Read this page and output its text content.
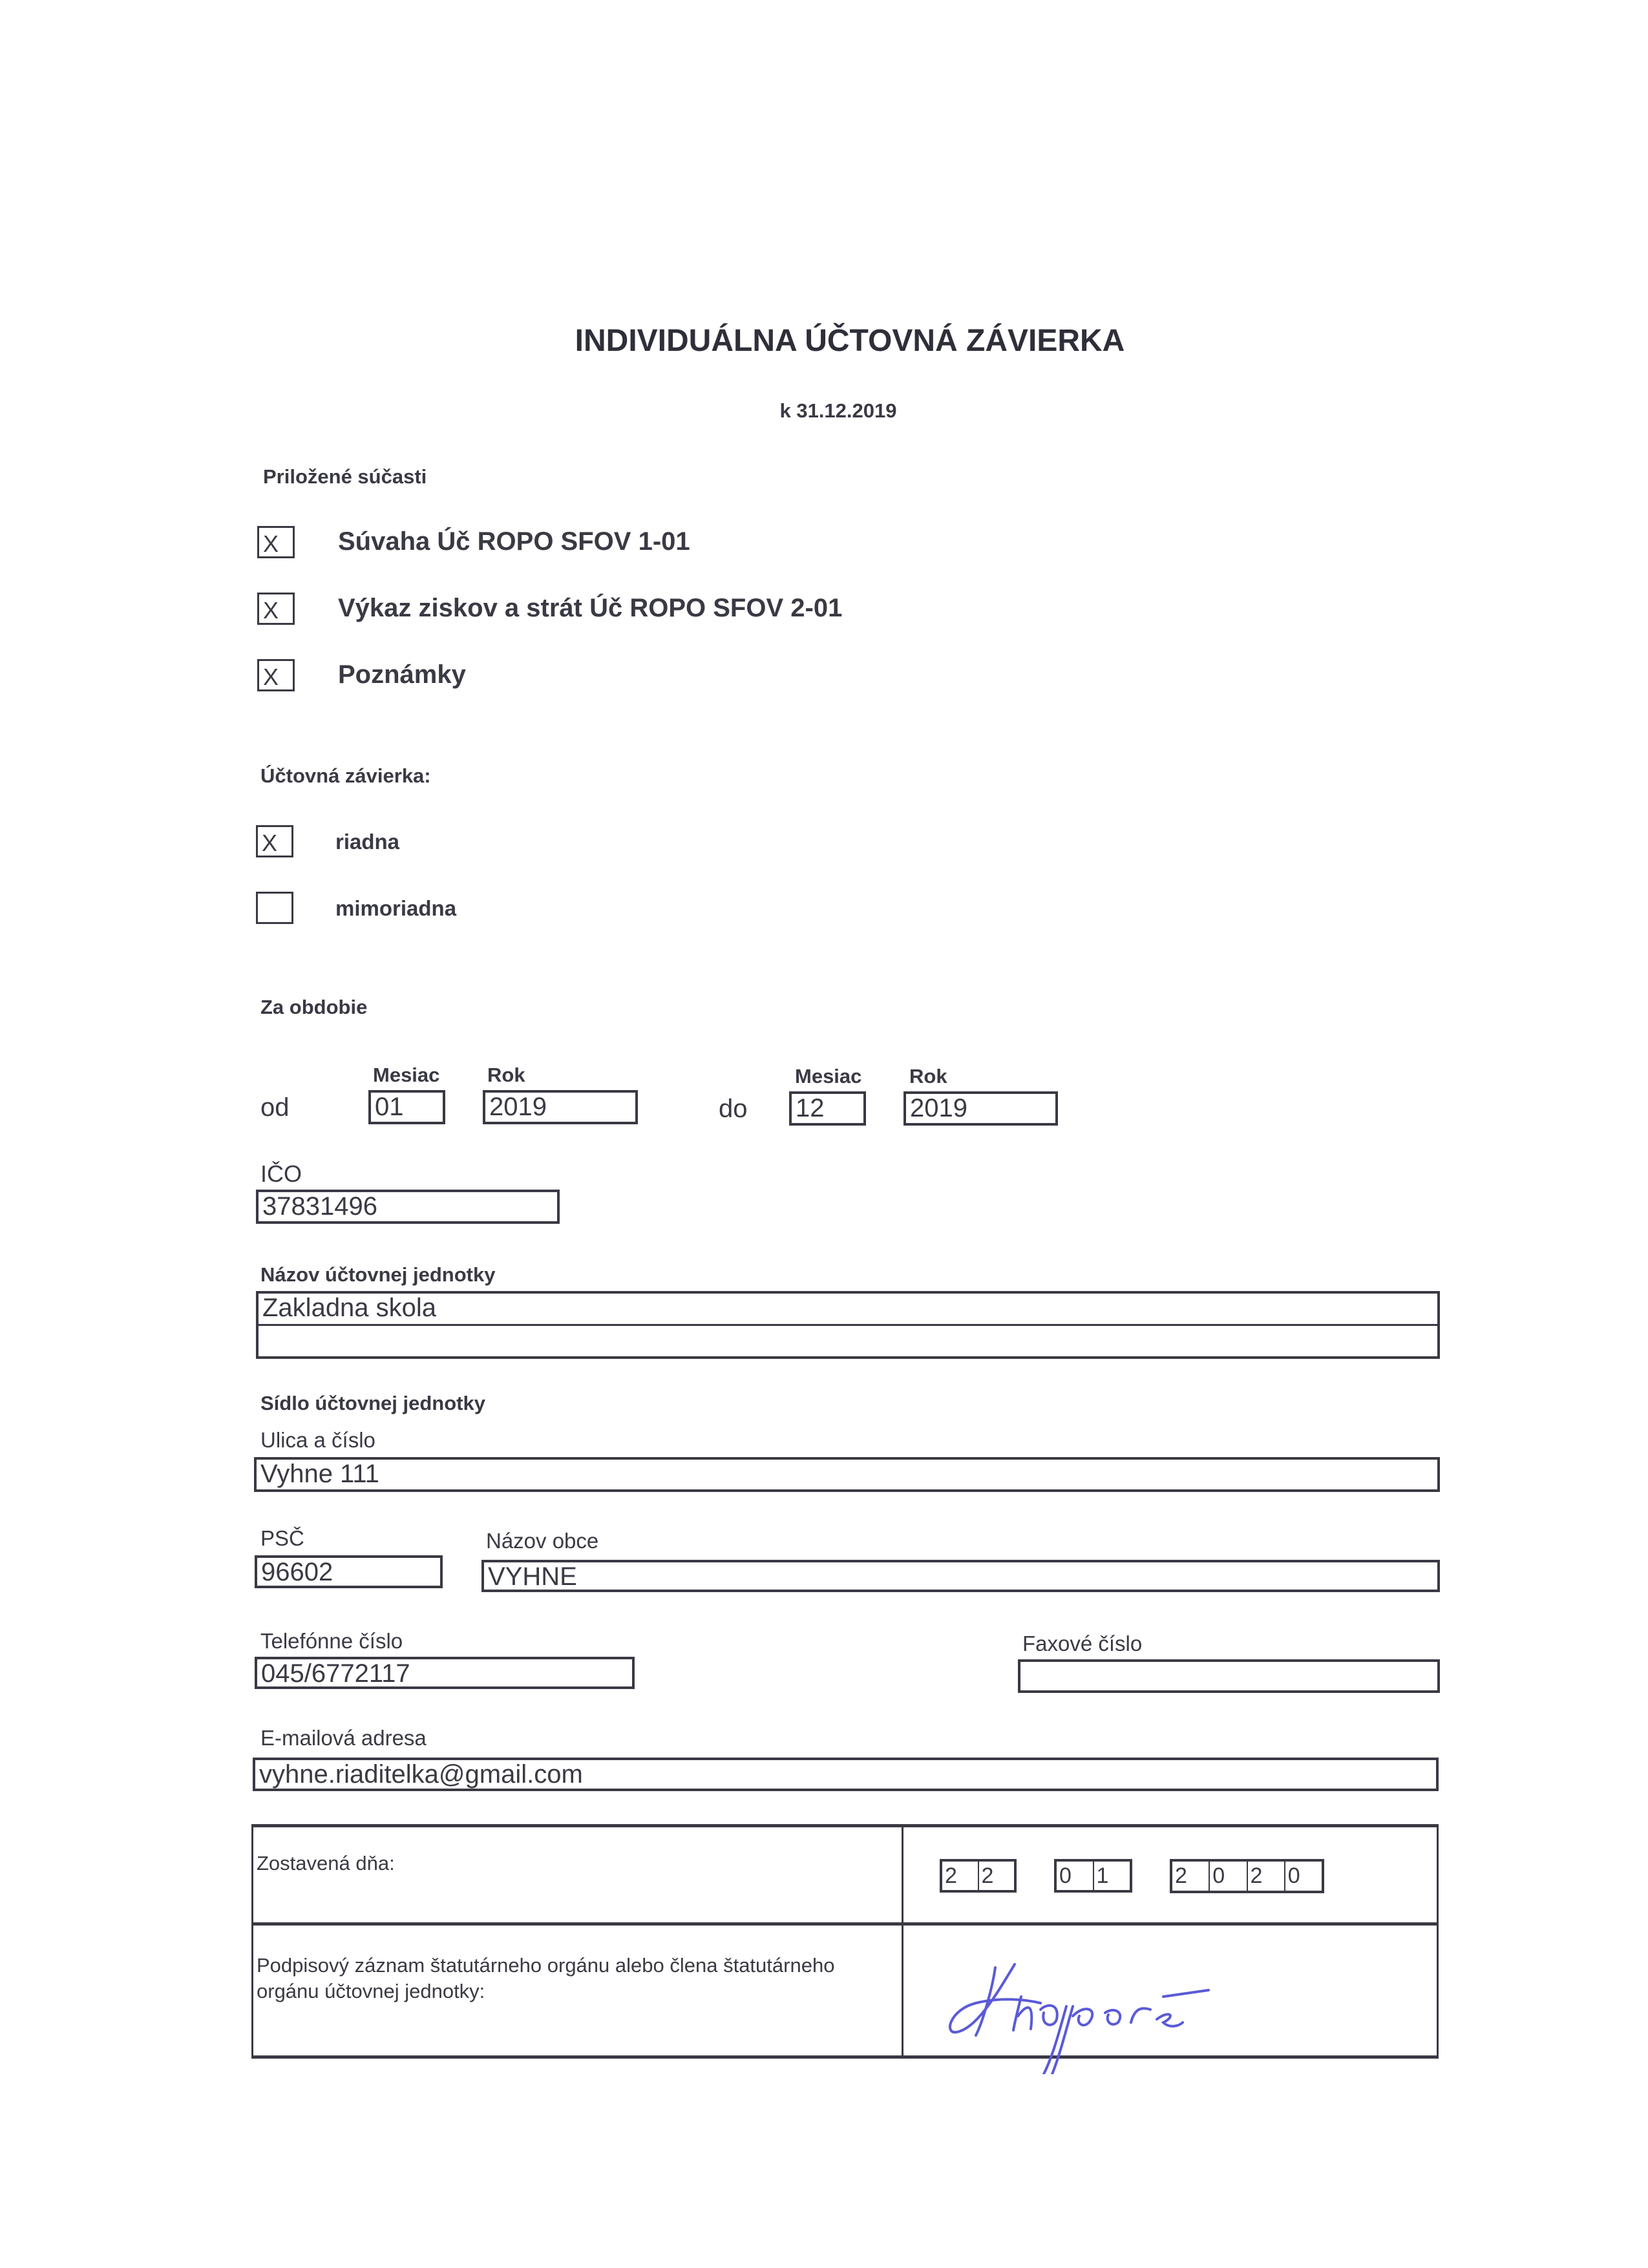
INDIVIDUÁLNA ÚČTOVNÁ ZÁVIERKA
k 31.12.2019
Priložené súčasti
X	Súvaha Úč ROPO SFOV 1-01
X	Výkaz ziskov a strát Úč ROPO SFOV 2-01
X	Poznámky
Účtovná závierka:
X	riadna
mimoriadna
Za obdobie
Mesiac Rok	Mesiac Rok
od	01	2019	do 12	2019
IČO
37831496
Názov účtovnej jednotky
Zakladna skola
Sídlo účtovnej jednotky
Ulica a číslo
Vyhne 111
PSČ
96602
Názov obce
VYHNE
Telefónne číslo
045/6772117
Faxové číslo
E-mailová adresa
vyhne.riaditelka@gmail.com
Zostavená dňa:
2	2	0	1	2	0	2	0
Podpisový záznam štatutárneho orgánu alebo člena štatutárneho orgánu účtovnej jednotky:
